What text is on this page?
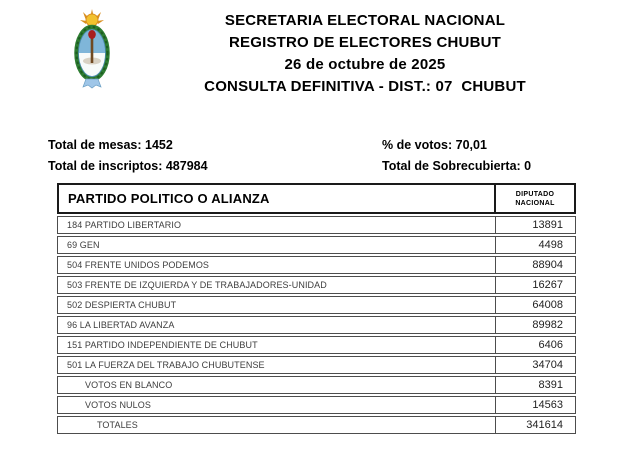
SECRETARIA ELECTORAL NACIONAL
REGISTRO DE ELECTORES CHUBUT
26 de octubre de 2025
CONSULTA DEFINITIVA - DIST.: 07  CHUBUT
Total de mesas: 1452
Total de inscriptos: 487984
% de votos: 70,01
Total de Sobrecubierta: 0
PARTIDO POLITICO O ALIANZA	DIPUTADO
NACIONAL
184 PARTIDO LIBERTARIO	13891
69 GEN	4498
504 FRENTE UNIDOS PODEMOS	88904
503 FRENTE DE IZQUIERDA Y DE TRABAJADORES-UNIDAD	16267
502 DESPIERTA CHUBUT	64008
96 LA LIBERTAD AVANZA	89982
151 PARTIDO INDEPENDIENTE DE CHUBUT	6406
501 LA FUERZA DEL TRABAJO CHUBUTENSE	34704
VOTOS EN BLANCO	8391
VOTOS NULOS	14563
TOTALES	341614
